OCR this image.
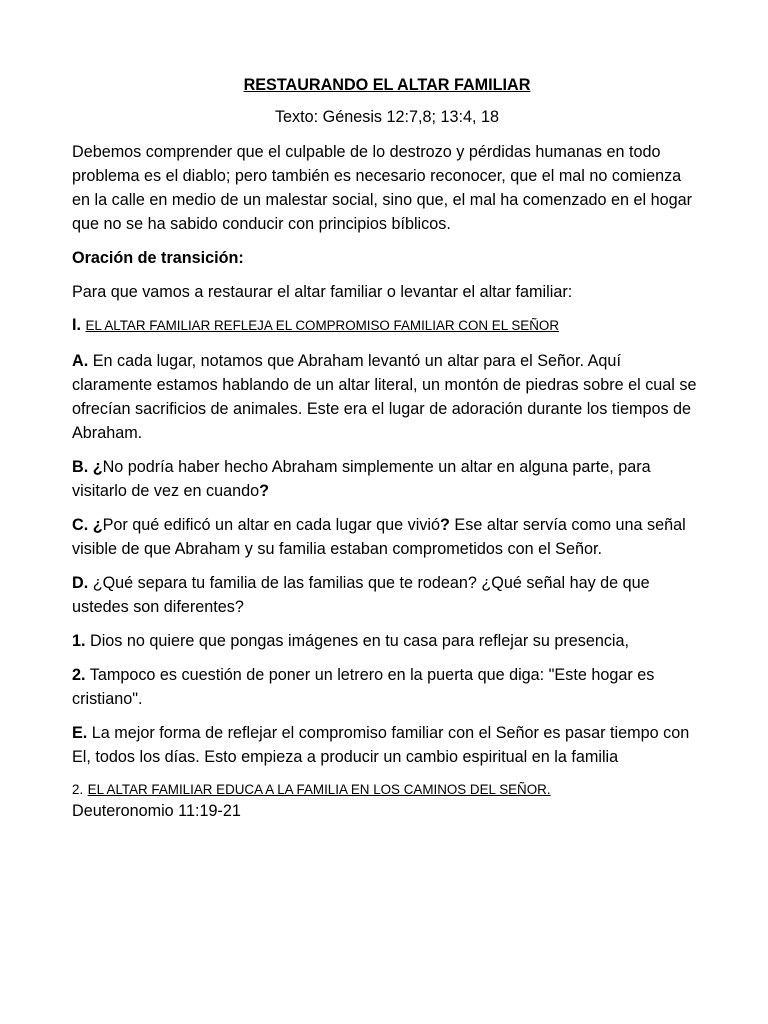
RESTAURANDO EL ALTAR FAMILIAR
Texto: Génesis 12:7,8; 13:4, 18

Debemos comprender que el culpable de lo destrozo y pérdidas humanas en todo problema es el diablo; pero también es necesario reconocer, que el mal no comienza en la calle en medio de un malestar social, sino que, el mal ha comenzado en el hogar que no se ha sabido conducir con principios bíblicos.

Oración de transición:

Para que vamos a restaurar el altar familiar o levantar el altar familiar:

I. EL ALTAR FAMILIAR REFLEJA EL COMPROMISO FAMILIAR CON EL SEÑOR

A. En cada lugar, notamos que Abraham levantó un altar para el Señor. Aquí claramente estamos hablando de un altar literal, un montón de piedras sobre el cual se ofrecían sacrificios de animales. Este era el lugar de adoración durante los tiempos de Abraham.

B. ¿No podría haber hecho Abraham simplemente un altar en alguna parte, para visitarlo de vez en cuando?

C. ¿Por qué edificó un altar en cada lugar que vivió? Ese altar servía como una señal visible de que Abraham y su familia estaban comprometidos con el Señor.

D. ¿Qué separa tu familia de las familias que te rodean? ¿Qué señal hay de que ustedes son diferentes?

1. Dios no quiere que pongas imágenes en tu casa para reflejar su presencia,

2. Tampoco es cuestión de poner un letrero en la puerta que diga: "Este hogar es cristiano".

E. La mejor forma de reflejar el compromiso familiar con el Señor es pasar tiempo con El, todos los días. Esto empieza a producir un cambio espiritual en la familia

2. EL ALTAR FAMILIAR EDUCA A LA FAMILIA EN LOS CAMINOS DEL SEÑOR.
Deuteronomio 11:19-21
